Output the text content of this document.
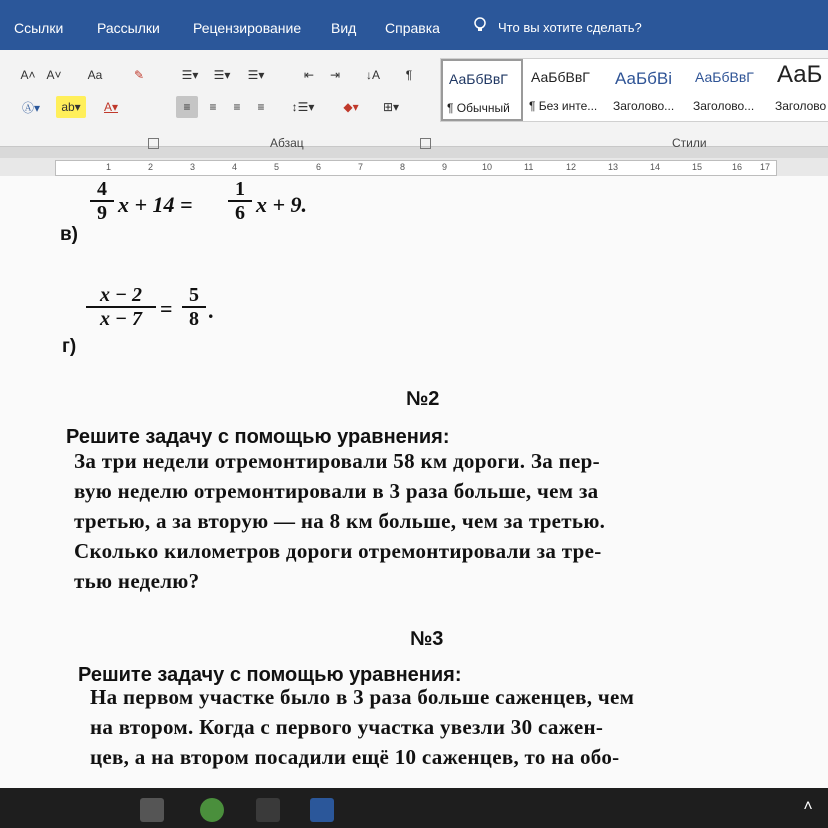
Ссылки Рассылки Рецензирование Вид Справка	Что вы хотите сделать?
A˄ A˅	Aa	✎
Ⓐ▾	ab▾	A▾
☰▾	☰▾	☰▾	⇤	⇥	↓A	¶
≡	≡	≡	≡	↕☰▾	◆▾	⊞▾
Абзац
АаБбВвГ
¶ Обычный
АаБбВвГ
¶ Без инте...
АаБбВі
Заголово...
АаБбВвГ
Заголово...
АаБ
Заголово
Стили
1	2	3	4	5	6	7	8	9	10	11	12	13	14	15	16 17
в)
$\frac{4}{9}$ $x + 14 = \frac{1}{6}$ x + 9.
г)
$\frac{x - 2}{x - 7} = \frac{5}{8}$ .
№2
Решите задачу с помощью уравнения:
За три недели отремонтировали 58 км дороги. За пер-
вую неделю отремонтировали в 3 раза больше, чем за
третью, а за вторую — на 8 км больше, чем за третью.
Сколько километров дороги отремонтировали за тре-
тью неделю?
№3
Решите задачу с помощью уравнения:
На первом участке было в 3 раза больше саженцев, чем
на втором. Когда с первого участка увезли 30 сажен-
цев, а на втором посадили ещё 10 саженцев, то на обо-
˄
